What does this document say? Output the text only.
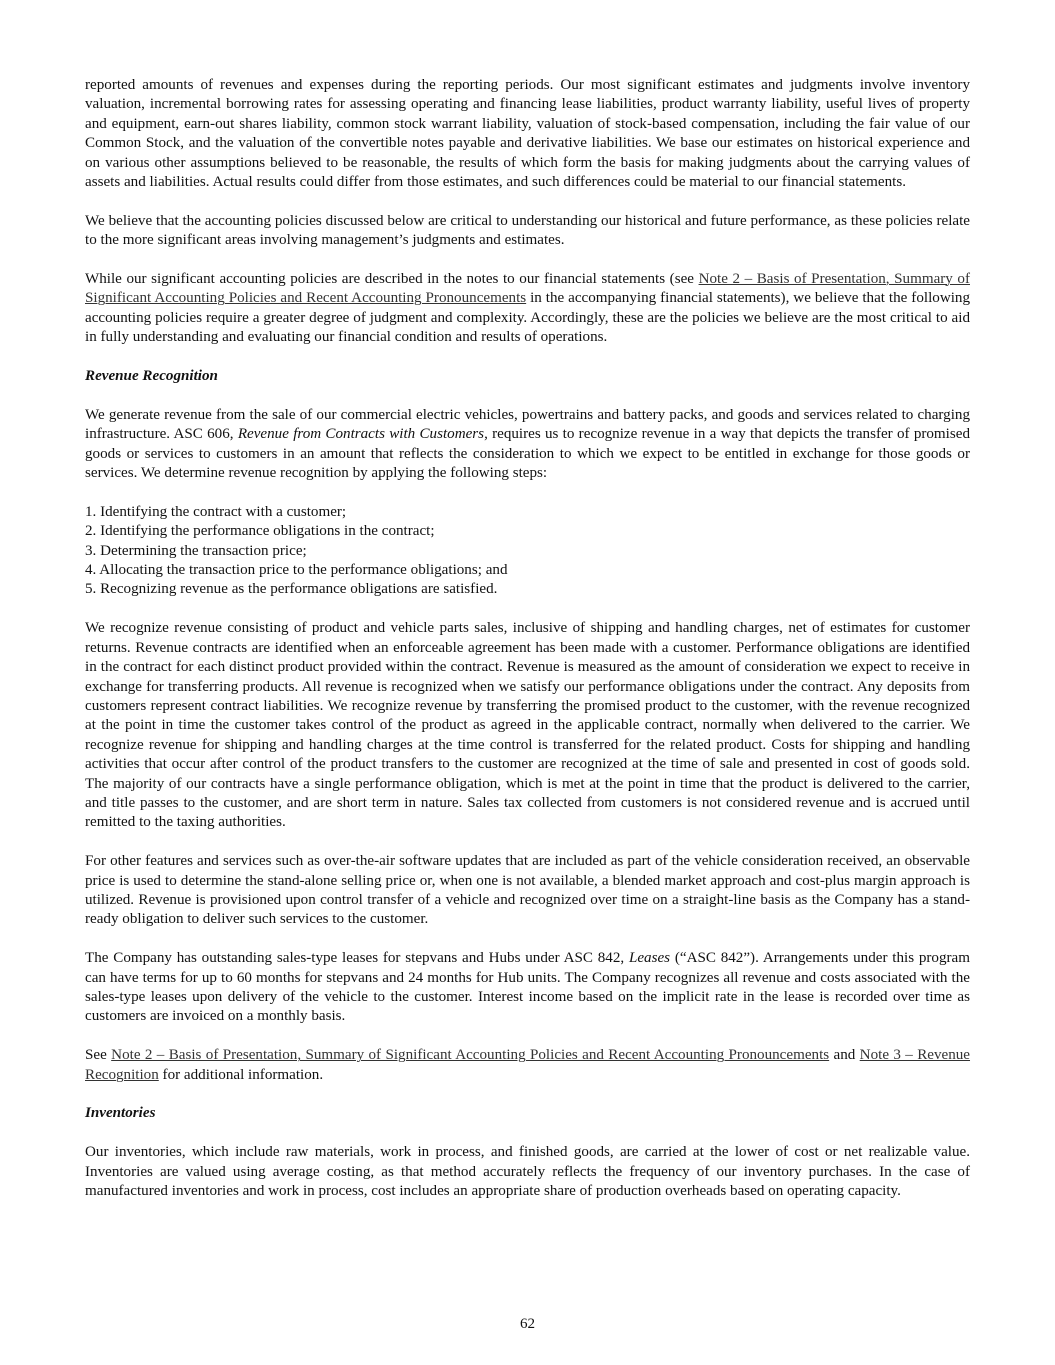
reported amounts of revenues and expenses during the reporting periods. Our most significant estimates and judgments involve inventory valuation, incremental borrowing rates for assessing operating and financing lease liabilities, product warranty liability, useful lives of property and equipment, earn-out shares liability, common stock warrant liability, valuation of stock-based compensation, including the fair value of our Common Stock, and the valuation of the convertible notes payable and derivative liabilities. We base our estimates on historical experience and on various other assumptions believed to be reasonable, the results of which form the basis for making judgments about the carrying values of assets and liabilities. Actual results could differ from those estimates, and such differences could be material to our financial statements.

We believe that the accounting policies discussed below are critical to understanding our historical and future performance, as these policies relate to the more significant areas involving management’s judgments and estimates.

While our significant accounting policies are described in the notes to our financial statements (see Note 2 – Basis of Presentation, Summary of Significant Accounting Policies and Recent Accounting Pronouncements in the accompanying financial statements), we believe that the following accounting policies require a greater degree of judgment and complexity. Accordingly, these are the policies we believe are the most critical to aid in fully understanding and evaluating our financial condition and results of operations.

Revenue Recognition

We generate revenue from the sale of our commercial electric vehicles, powertrains and battery packs, and goods and services related to charging infrastructure. ASC 606, Revenue from Contracts with Customers, requires us to recognize revenue in a way that depicts the transfer of promised goods or services to customers in an amount that reflects the consideration to which we expect to be entitled in exchange for those goods or services. We determine revenue recognition by applying the following steps:

1. Identifying the contract with a customer;
2. Identifying the performance obligations in the contract;
3. Determining the transaction price;
4. Allocating the transaction price to the performance obligations; and
5. Recognizing revenue as the performance obligations are satisfied.

We recognize revenue consisting of product and vehicle parts sales, inclusive of shipping and handling charges, net of estimates for customer returns. Revenue contracts are identified when an enforceable agreement has been made with a customer. Performance obligations are identified in the contract for each distinct product provided within the contract. Revenue is measured as the amount of consideration we expect to receive in exchange for transferring products. All revenue is recognized when we satisfy our performance obligations under the contract. Any deposits from customers represent contract liabilities. We recognize revenue by transferring the promised product to the customer, with the revenue recognized at the point in time the customer takes control of the product as agreed in the applicable contract, normally when delivered to the carrier. We recognize revenue for shipping and handling charges at the time control is transferred for the related product. Costs for shipping and handling activities that occur after control of the product transfers to the customer are recognized at the time of sale and presented in cost of goods sold. The majority of our contracts have a single performance obligation, which is met at the point in time that the product is delivered to the carrier, and title passes to the customer, and are short term in nature. Sales tax collected from customers is not considered revenue and is accrued until remitted to the taxing authorities.

For other features and services such as over-the-air software updates that are included as part of the vehicle consideration received, an observable price is used to determine the stand-alone selling price or, when one is not available, a blended market approach and cost-plus margin approach is utilized. Revenue is provisioned upon control transfer of a vehicle and recognized over time on a straight-line basis as the Company has a stand-ready obligation to deliver such services to the customer.

The Company has outstanding sales-type leases for stepvans and Hubs under ASC 842, Leases (“ASC 842”). Arrangements under this program can have terms for up to 60 months for stepvans and 24 months for Hub units. The Company recognizes all revenue and costs associated with the sales-type leases upon delivery of the vehicle to the customer. Interest income based on the implicit rate in the lease is recorded over time as customers are invoiced on a monthly basis.

See Note 2 – Basis of Presentation, Summary of Significant Accounting Policies and Recent Accounting Pronouncements and Note 3 – Revenue Recognition for additional information.

Inventories

Our inventories, which include raw materials, work in process, and finished goods, are carried at the lower of cost or net realizable value. Inventories are valued using average costing, as that method accurately reflects the frequency of our inventory purchases. In the case of manufactured inventories and work in process, cost includes an appropriate share of production overheads based on operating capacity.

62
